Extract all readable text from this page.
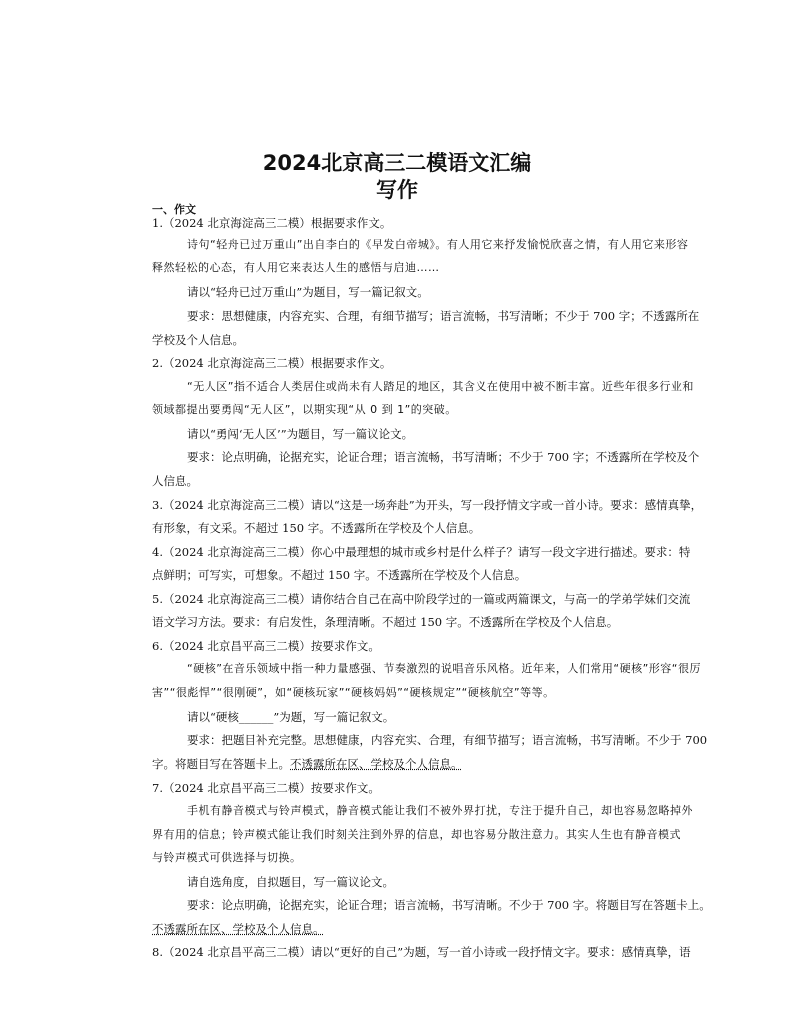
2024北京高三二模语文汇编
写作
一、作文
1.（2024 北京海淀高三二模）根据要求作文。
诗句“轻舟已过万重山”出自李白的《早发白帝城》。有人用它来抒发愉悦欣喜之情，有人用它来形容
释然轻松的心态，有人用它来表达人生的感悟与启迪……
请以“轻舟已过万重山”为题目，写一篇记叙文。
要求：思想健康，内容充实、合理，有细节描写；语言流畅，书写清晰；不少于 700 字；不透露所在
学校及个人信息。
2.（2024 北京海淀高三二模）根据要求作文。
“无人区”指不适合人类居住或尚未有人踏足的地区，其含义在使用中被不断丰富。近些年很多行业和
领域都提出要勇闯“无人区”，以期实现“从 0 到 1”的突破。
请以“勇闯‘无人区’”为题目，写一篇议论文。
要求：论点明确，论据充实，论证合理；语言流畅，书写清晰；不少于 700 字；不透露所在学校及个
人信息。
3.（2024 北京海淀高三二模）请以“这是一场奔赴”为开头，写一段抒情文字或一首小诗。要求：感情真挚，
有形象，有文采。不超过 150 字。不透露所在学校及个人信息。
4.（2024 北京海淀高三二模）你心中最理想的城市或乡村是什么样子？请写一段文字进行描述。要求：特
点鲜明；可写实，可想象。不超过 150 字。不透露所在学校及个人信息。
5.（2024 北京海淀高三二模）请你结合自己在高中阶段学过的一篇或两篇课文，与高一的学弟学妹们交流
语文学习方法。要求：有启发性，条理清晰。不超过 150 字。不透露所在学校及个人信息。
6.（2024 北京昌平高三二模）按要求作文。
“硬核”在音乐领域中指一种力量感强、节奏激烈的说唱音乐风格。近年来，人们常用“硬核”形容“很厉
害”“很彪悍”“很刚硬”，如“硬核玩家”“硬核妈妈”“硬核规定”“硬核航空”等等。
请以“硬核______”为题，写一篇记叙文。
要求：把题目补充完整。思想健康，内容充实、合理，有细节描写；语言流畅，书写清晰。不少于 700
字。将题目写在答题卡上。不透露所在区、学校及个人信息。
7.（2024 北京昌平高三二模）按要求作文。
手机有静音模式与铃声模式，静音模式能让我们不被外界打扰，专注于提升自己，却也容易忽略掉外
界有用的信息；铃声模式能让我们时刻关注到外界的信息，却也容易分散注意力。其实人生也有静音模式
与铃声模式可供选择与切换。
请自选角度，自拟题目，写一篇议论文。
要求：论点明确，论据充实，论证合理；语言流畅，书写清晰。不少于 700 字。将题目写在答题卡上。
不透露所在区、学校及个人信息。
8.（2024 北京昌平高三二模）请以“更好的自己”为题，写一首小诗或一段抒情文字。要求：感情真挚，语
